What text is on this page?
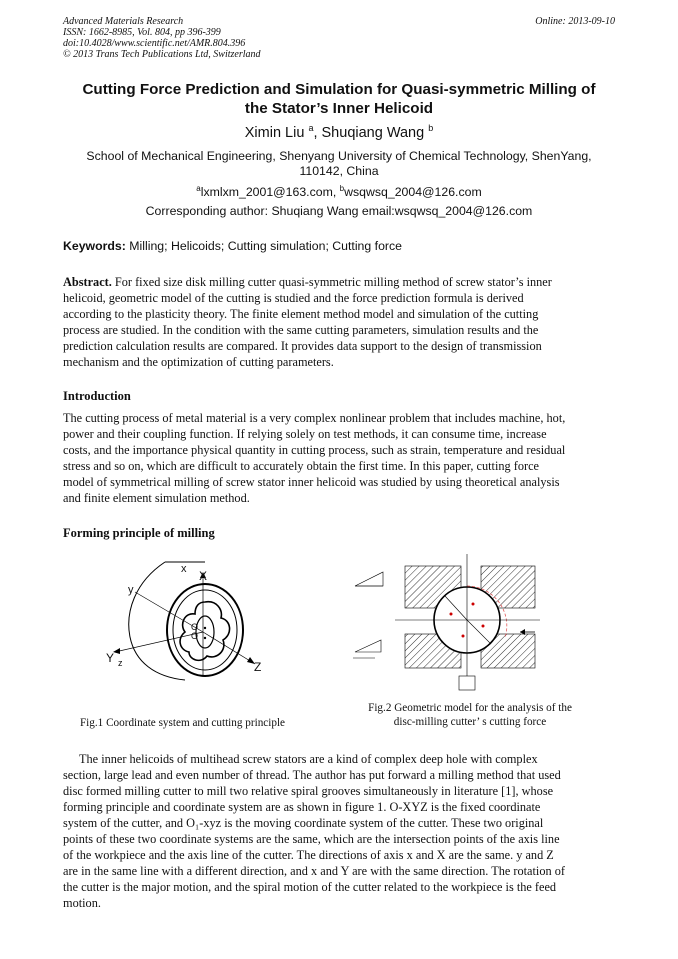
Advanced Materials Research
ISSN: 1662-8985, Vol. 804, pp 396-399
doi:10.4028/www.scientific.net/AMR.804.396
© 2013 Trans Tech Publications Ltd, Switzerland
Online: 2013-09-10
Cutting Force Prediction and Simulation for Quasi-symmetric Milling of
the Stator’s Inner Helicoid
Ximin Liu $^a$, Shuqiang Wang $^b$
School of Mechanical Engineering, Shenyang University of Chemical Technology, ShenYang,
110142, China
$^a$lxmlxm_2001@163.com, $^b$wsqwsq_2004@126.com
Corresponding author: Shuqiang Wang email:wsqwsq_2004@126.com
Keywords: Milling; Helicoids; Cutting simulation; Cutting force
Abstract. For fixed size disk milling cutter quasi-symmetric milling method of screw stator’s inner
helicoid, geometric model of the cutting is studied and the force prediction formula is derived
according to the plasticity theory. The finite element method model and simulation of the cutting
process are studied. In the condition with the same cutting parameters, simulation results and the
prediction calculation results are compared. It provides data support to the design of transmission
mechanism and the optimization of cutting parameters.
Introduction
The cutting process of metal material is a very complex nonlinear problem that includes machine, hot,
power and their coupling function. If relying solely on test methods, it can consume time, increase
costs, and the importance physical quantity in cutting process, such as strain, temperature and residual
stress and so on, which are difficult to accurately obtain the first time. In this paper, cutting force
model of symmetrical milling of screw stator inner helicoid was studied by using theoretical analysis
and finite element simulation method.
Forming principle of milling
x X
y
Y z	Z
O
O
Fig.1 Coordinate system and cutting principle
Fig.2 Geometric model for the analysis of the
disc-milling cutter’ s cutting force
The inner helicoids of multihead screw stators are a kind of complex deep hole with complex
section, large lead and even number of thread. The author has put forward a milling method that used
disc formed milling cutter to mill two relative spiral grooves simultaneously in literature [1], whose
forming principle and coordinate system are as shown in figure 1. O-XYZ is the fixed coordinate
system of the cutter, and O₁-xyz is the moving coordinate system of the cutter. These two original
points of these two coordinate systems are the same, which are the intersection points of the axis line
of the workpiece and the axis line of the cutter. The directions of axis x and X are the same. y and Z
are in the same line with a different direction, and x and Y are with the same direction. The rotation of
the cutter is the major motion, and the spiral motion of the cutter related to the workpiece is the feed
motion.
